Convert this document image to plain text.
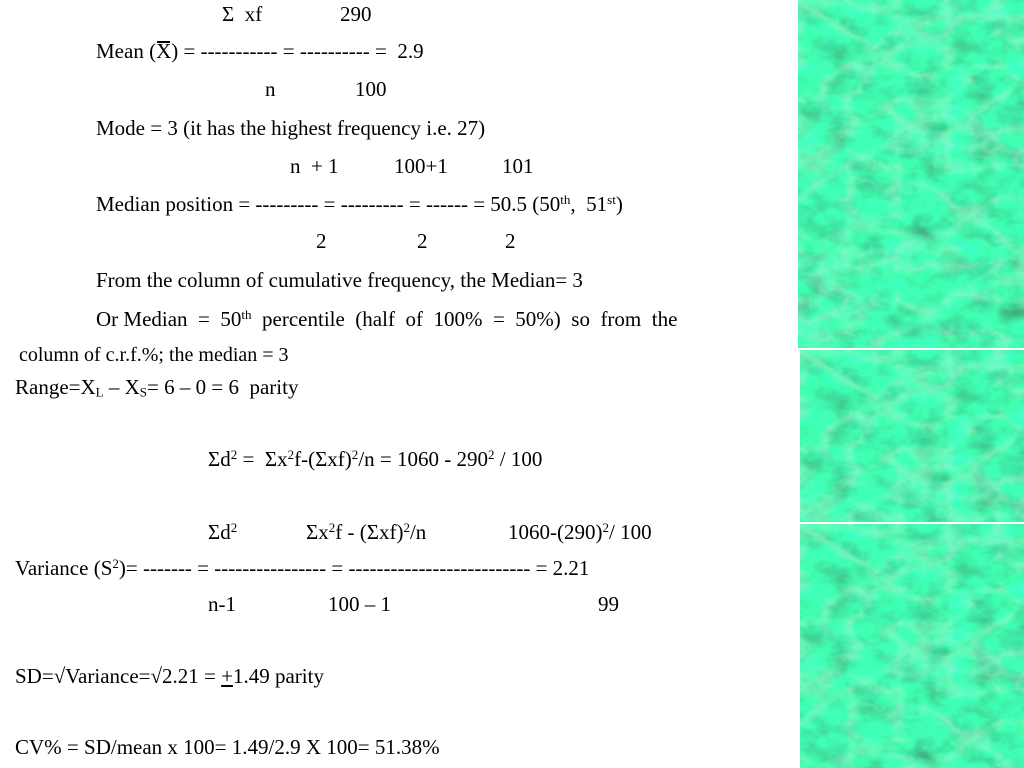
Σ  xf	290
Mean (X) = ----------- = ---------- =  2.9
n	100
Mode = 3 (it has the highest frequency i.e. 27)
n  + 1	100+1	101
Median position = --------- = --------- = ------ = 50.5 (50th,  51st)
2	2	2
From the column of cumulative frequency, the Median= 3
Or Median  =  50th  percentile  (half  of  100%  =  50%)  so  from  the
column of c.r.f.%; the median = 3
$Range=X_L - X_S= 6 - 0 = 6$  parity
$\Sigma d^2 = \Sigma x^2f-(\Sigma xf)^2/n = 1060 - 290^2 / 100$
$\Sigma d^2$	$\Sigma x^2f - (\Sigma xf)^2/n$	$1060-(290)^2/$ 100
Variance $(S^2)=$ ------- = ---------------- = -------------------------- = 2.21
n-1	100 – 1	99
SD=√Variance=√2.21 = +1.49 parity
CV% = SD/mean x 100= 1.49/2.9 X 100= 51.38%
